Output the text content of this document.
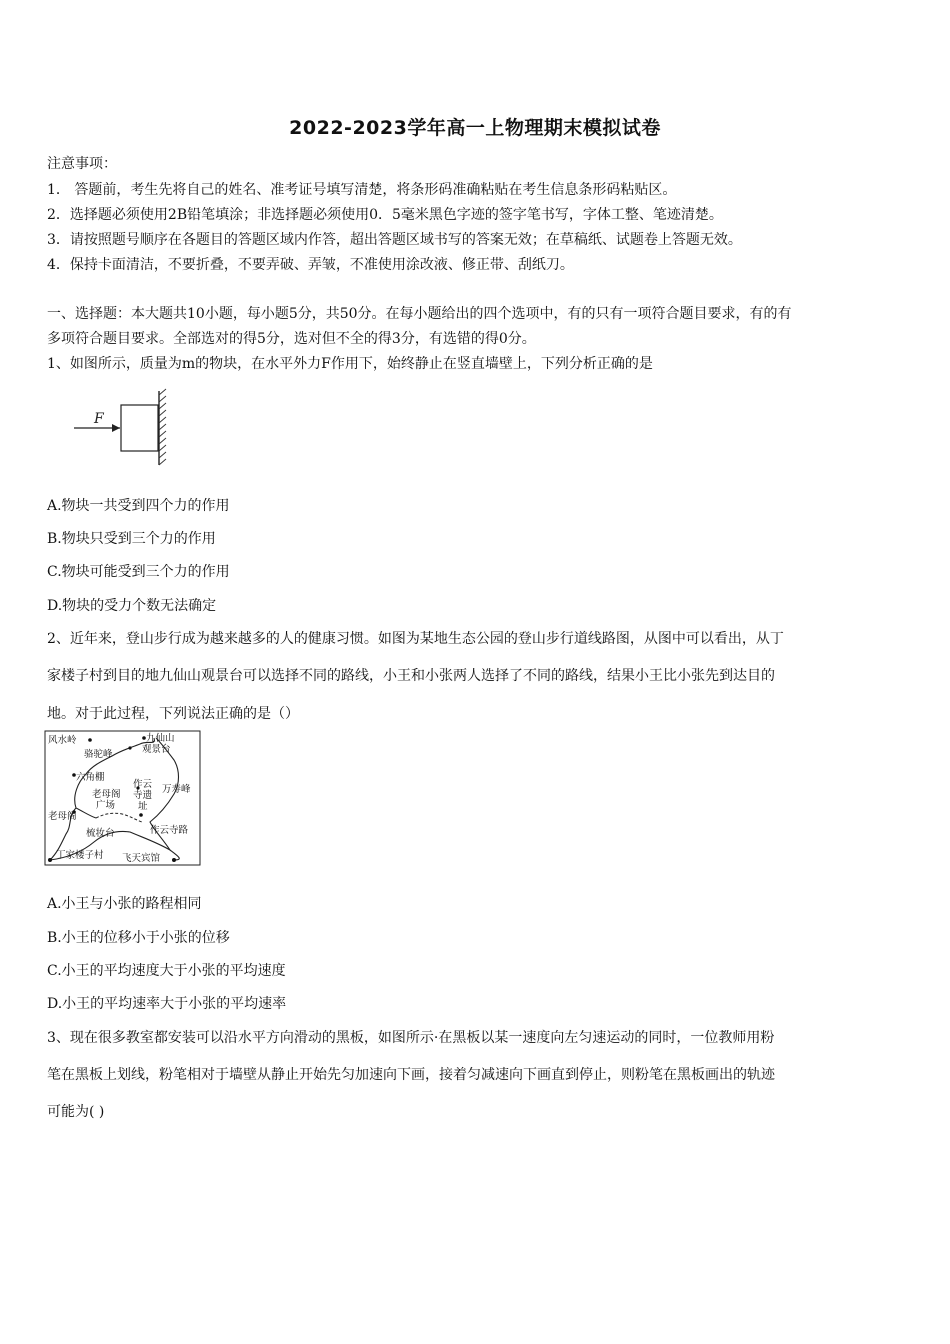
2022-2023学年高一上物理期末模拟试卷
注意事项：
1． 答题前，考生先将自己的姓名、准考证号填写清楚，将条形码准确粘贴在考生信息条形码粘贴区。
2．选择题必须使用2B铅笔填涂；非选择题必须使用0．5毫米黑色字迹的签字笔书写，字体工整、笔迹清楚。
3．请按照题号顺序在各题目的答题区域内作答，超出答题区域书写的答案无效；在草稿纸、试题卷上答题无效。
4．保持卡面清洁，不要折叠，不要弄破、弄皱，不准使用涂改液、修正带、刮纸刀。
一、选择题：本大题共10小题，每小题5分，共50分。在每小题给出的四个选项中，有的只有一项符合题目要求，有的有
多项符合题目要求。全部选对的得5分，选对但不全的得3分，有选错的得0分。
1、如图所示，质量为m的物块，在水平外力F作用下，始终静止在竖直墙壁上，下列分析正确的是
F
A.物块一共受到四个力的作用
B.物块只受到三个力的作用
C.物块可能受到三个力的作用
D.物块的受力个数无法确定
2、近年来，登山步行成为越来越多的人的健康习惯。如图为某地生态公园的登山步行道线路图，从图中可以看出，从丁
家楼子村到目的地九仙山观景台可以选择不同的路线，小王和小张两人选择了不同的路线，结果小王比小张先到达目的
地。对于此过程，下列说法正确的是（）
风水岭
骆驼峰
九仙山
观景台
六角棚
老母阁
广场
作云
寺遗
址
万寿峰
老母阁
梳妆台	作云寺路
丁家楼子村 飞天宾馆
A.小王与小张的路程相同
B.小王的位移小于小张的位移
C.小王的平均速度大于小张的平均速度
D.小王的平均速率大于小张的平均速率
3、现在很多教室都安装可以沿水平方向滑动的黑板，如图所示·在黑板以某一速度向左匀速运动的同时，一位教师用粉
笔在黑板上划线，粉笔相对于墙壁从静止开始先匀加速向下画，接着匀减速向下画直到停止，则粉笔在黑板画出的轨迹
可能为( )
